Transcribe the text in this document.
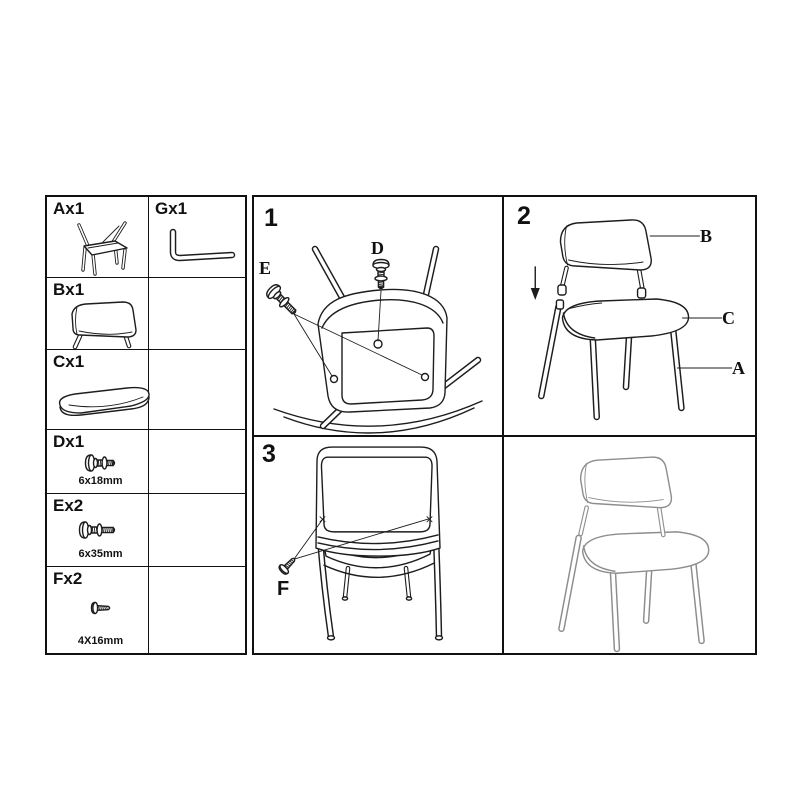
Ax1	Gx1
Bx1
Cx1
Dx1
6x18mm
Ex2
6x35mm
Fx2
4X16mm
1
D
E
2
B
C
A
3
F
